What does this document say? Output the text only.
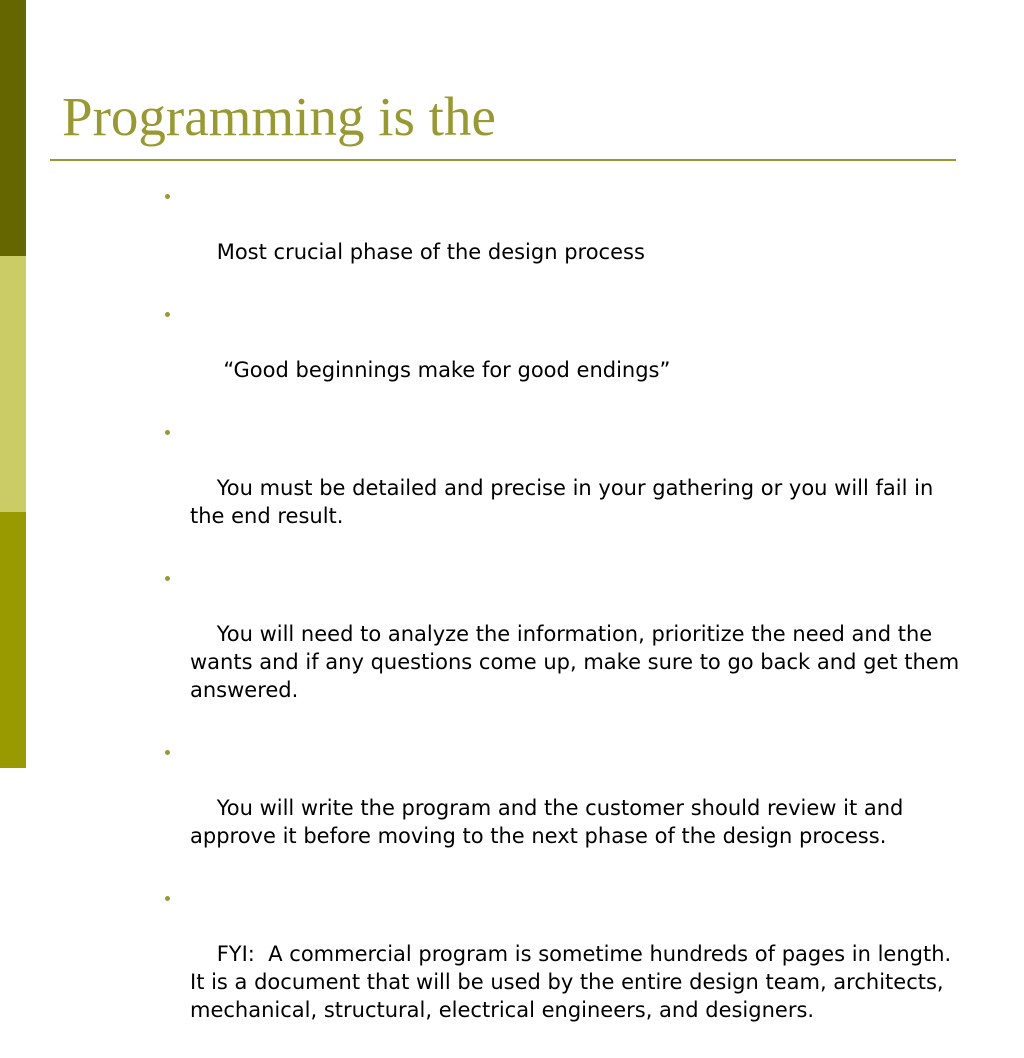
Programming is the

Most crucial phase of the design process

“Good beginnings make for good endings”

You must be detailed and precise in your gathering or you will fail in the end result.

You will need to analyze the information, prioritize the need and the wants and if any questions come up, make sure to go back and get them answered.

You will write the program and the customer should review it and approve it before moving to the next phase of the design process.

FYI:  A commercial program is sometime hundreds of pages in length.  It is a document that will be used by the entire design team, architects, mechanical, structural, electrical engineers, and designers.
